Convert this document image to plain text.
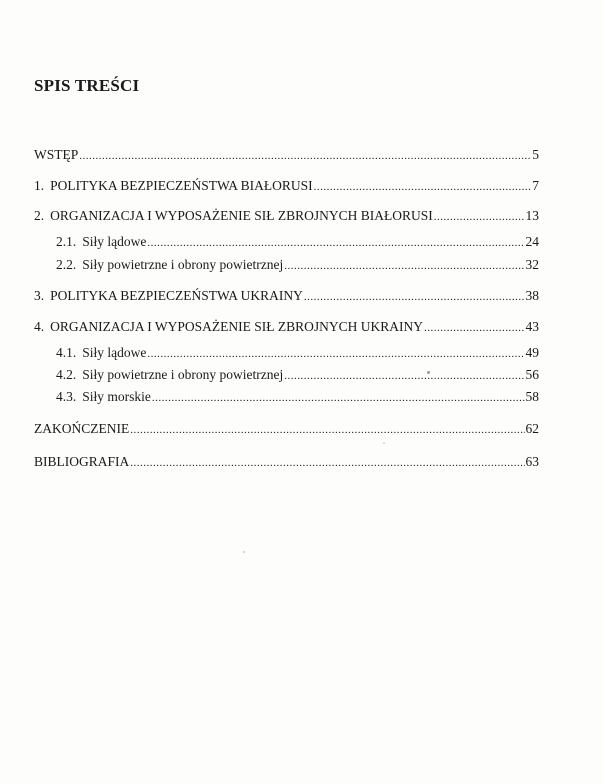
SPIS TREŚCI
WSTĘP .....	5
1. POLITYKA BEZPIECZEŃSTWA BIAŁORUSI .....	7
2. ORGANIZACJA I WYPOSAŻENIE SIŁ ZBROJNYCH BIAŁORUSI .....	13
2.1. Siły lądowe .....	24
2.2. Siły powietrzne i obrony powietrznej .....	32
3. POLITYKA BEZPIECZEŃSTWA UKRAINY .....	38
4. ORGANIZACJA I WYPOSAŻENIE SIŁ ZBROJNYCH UKRAINY .....	43
4.1. Siły lądowe .....	49
4.2. Siły powietrzne i obrony powietrznej .....	56
4.3. Siły morskie .....	58
ZAKOŃCZENIE .....	62
BIBLIOGRAFIA .....	63
